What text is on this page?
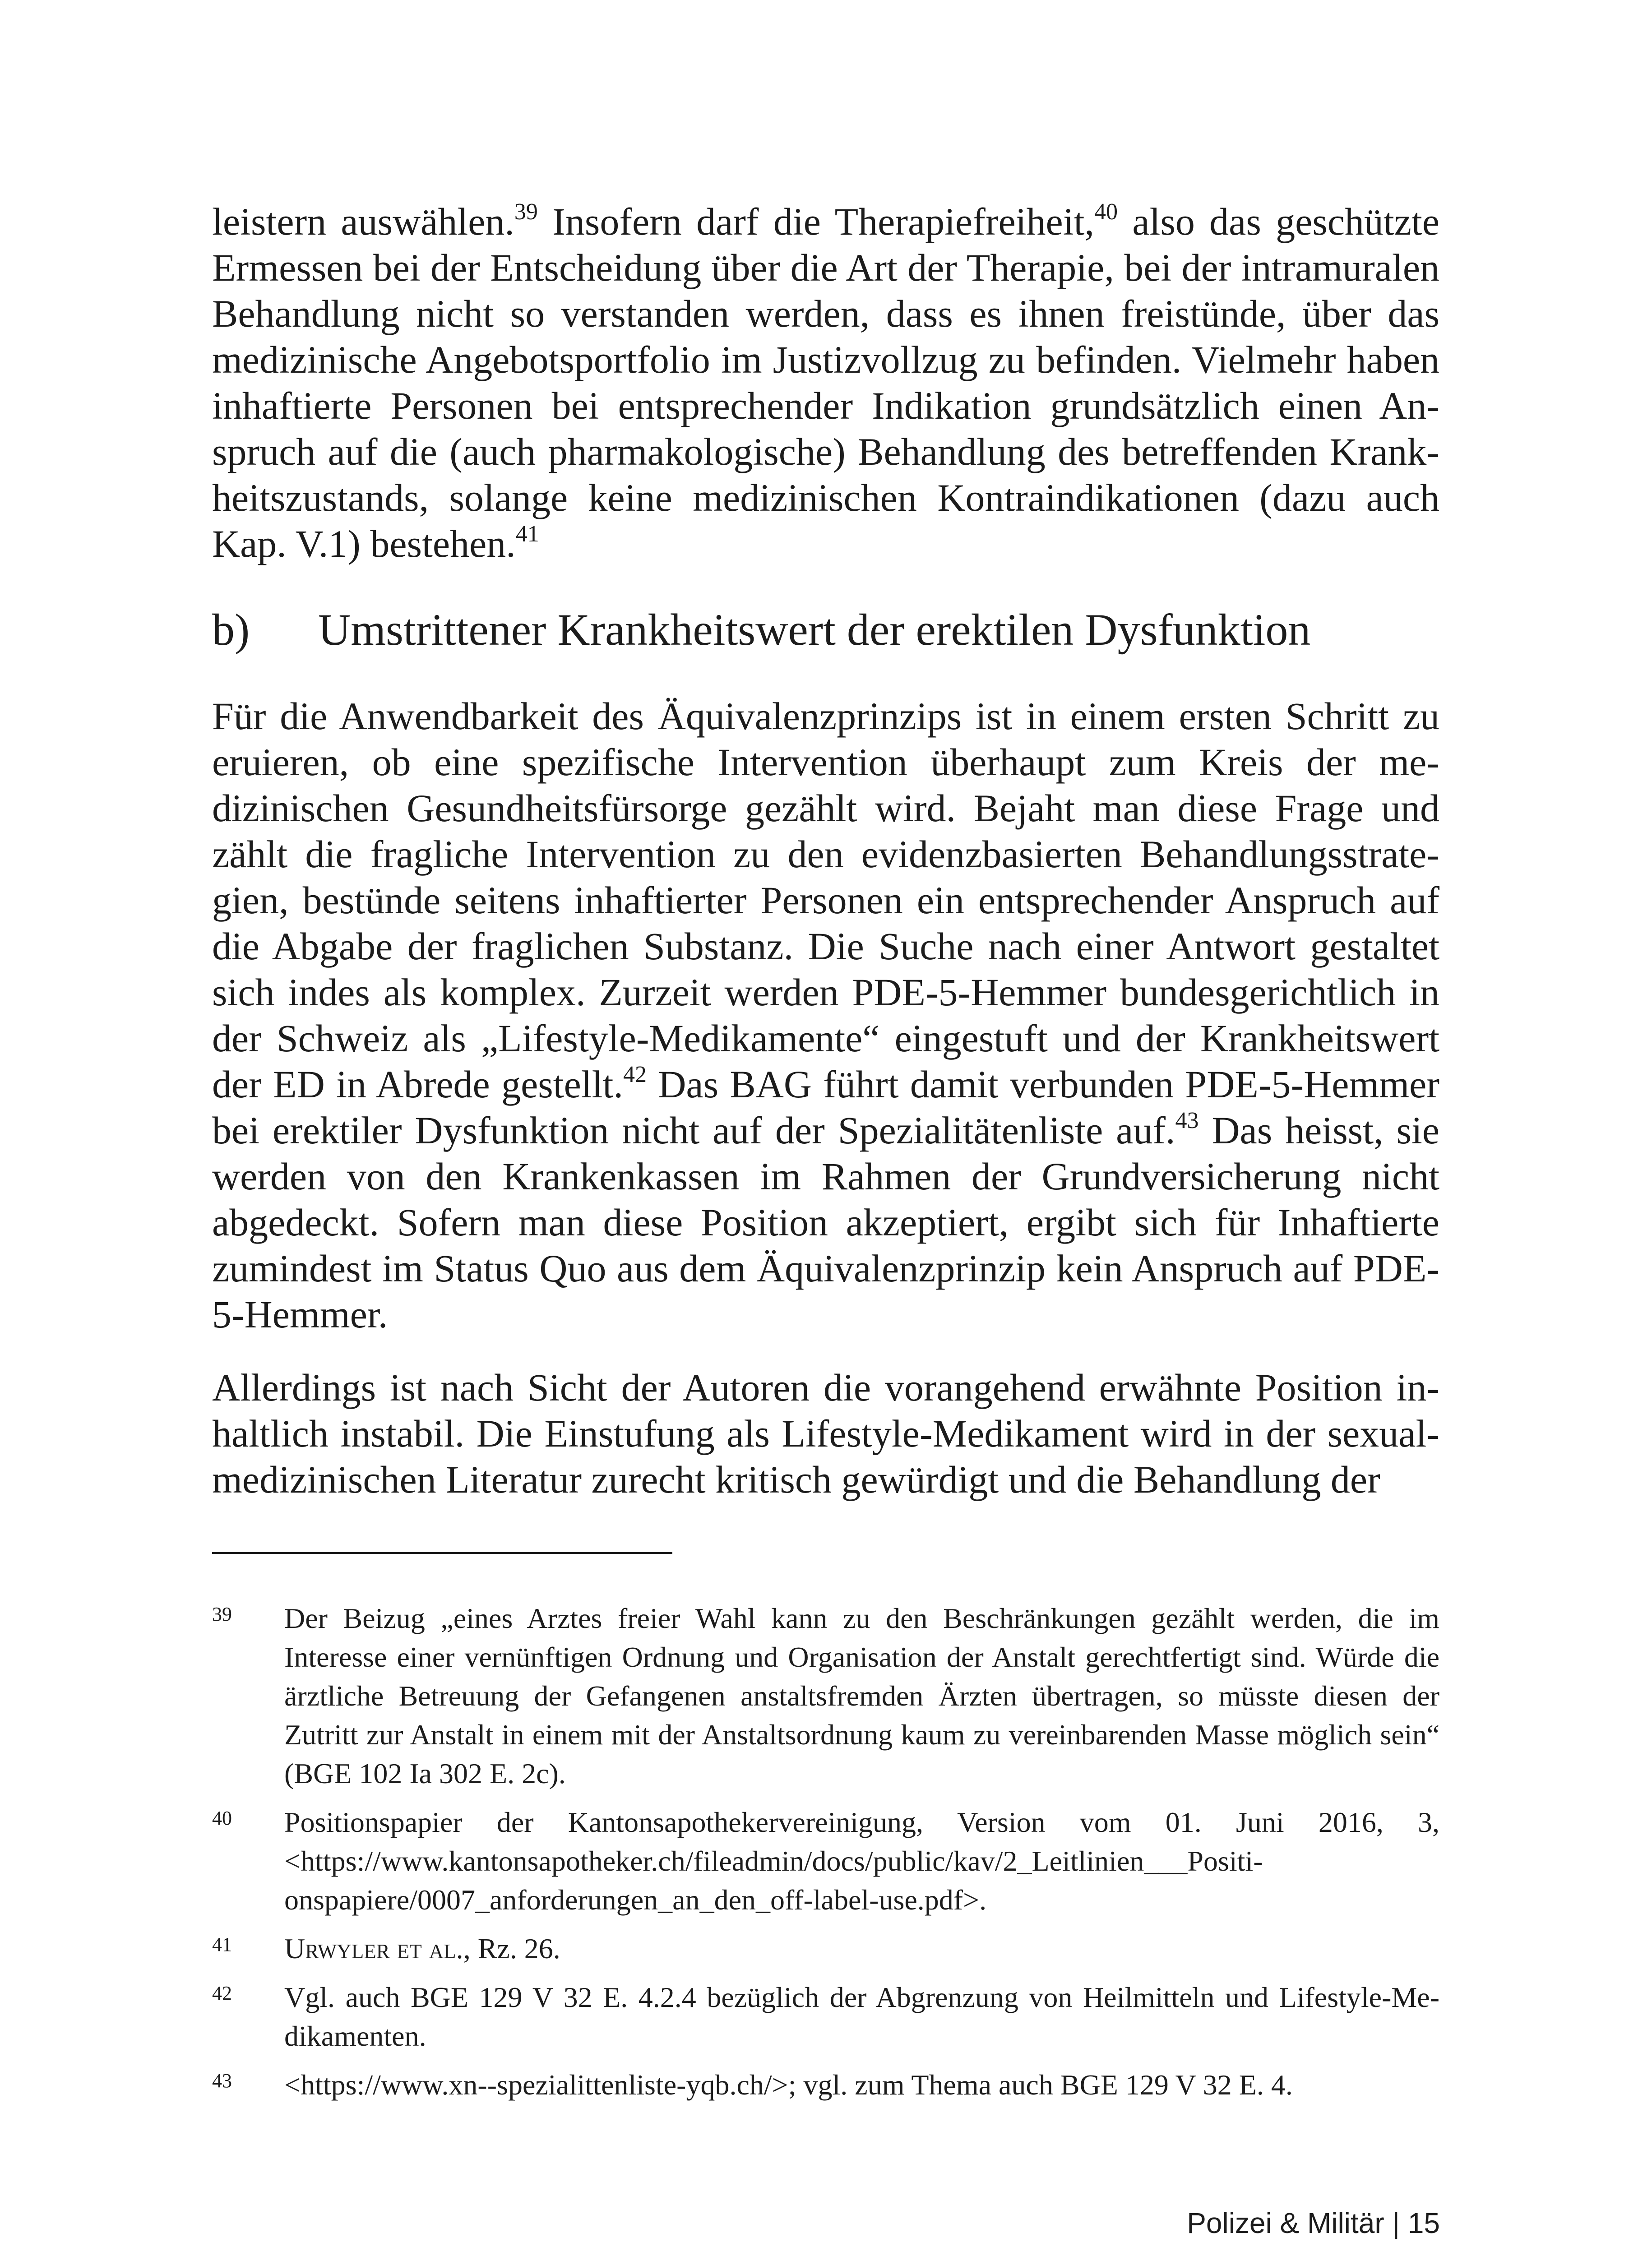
leistern auswählen.$^{39}$ Insofern darf die Therapiefreiheit,$^{40}$ also das geschützte Ermessen bei der Entscheidung über die Art der Therapie, bei der intramuralen Behandlung nicht so verstanden werden, dass es ihnen freistünde, über das medizinische Angebotsportfolio im Justizvollzug zu befinden. Vielmehr haben inhaftierte Personen bei entsprechender Indikation grundsätzlich einen Anspruch auf die (auch pharmakologische) Behandlung des betreffenden Krankheitszustands, solange keine medizinischen Kontraindikationen (dazu auch Kap. V.1) bestehen.$^{41}$

b)	Umstrittener Krankheitswert der erektilen Dysfunktion

Für die Anwendbarkeit des Äquivalenzprinzips ist in einem ersten Schritt zu eruieren, ob eine spezifische Intervention überhaupt zum Kreis der medizinischen Gesundheitsfürsorge gezählt wird. Bejaht man diese Frage und zählt die fragliche Intervention zu den evidenzbasierten Behandlungsstrategien, bestünde seitens inhaftierter Personen ein entsprechender Anspruch auf die Abgabe der fraglichen Substanz. Die Suche nach einer Antwort gestaltet sich indes als komplex. Zurzeit werden PDE-5-Hemmer bundesgerichtlich in der Schweiz als „Lifestyle-Medikamente“ eingestuft und der Krankheitswert der ED in Abrede gestellt.$^{42}$ Das BAG führt damit verbunden PDE-5-Hemmer bei erektiler Dysfunktion nicht auf der Spezialitätenliste auf.$^{43}$ Das heisst, sie werden von den Krankenkassen im Rahmen der Grundversicherung nicht abgedeckt. Sofern man diese Position akzeptiert, ergibt sich für Inhaftierte zumindest im Status Quo aus dem Äquivalenzprinzip kein Anspruch auf PDE-5-Hemmer.

Allerdings ist nach Sicht der Autoren die vorangehend erwähnte Position inhaltlich instabil. Die Einstufung als Lifestyle-Medikament wird in der sexualmedizinischen Literatur zurecht kritisch gewürdigt und die Behandlung der

39	Der Beizug „eines Arztes freier Wahl kann zu den Beschränkungen gezählt werden, die im Interesse einer vernünftigen Ordnung und Organisation der Anstalt gerechtfertigt sind. Würde die ärztliche Betreuung der Gefangenen anstaltsfremden Ärzten übertragen, so müsste diesen der Zutritt zur Anstalt in einem mit der Anstaltsordnung kaum zu vereinbarenden Masse möglich sein“ (BGE 102 Ia 302 E. 2c).
40	Positionspapier der Kantonsapothekervereinigung, Version vom 01. Juni 2016, 3, <https://www.kantonsapotheker.ch/fileadmin/docs/public/kav/2_Leitlinien___Positionspapiere/0007_anforderungen_an_den_off-label-use.pdf>.
41	Urwyler et al., Rz. 26.
42	Vgl. auch BGE 129 V 32 E. 4.2.4 bezüglich der Abgrenzung von Heilmitteln und Lifestyle-Medikamenten.
43	<https://www.xn--spezialittenliste-yqb.ch/>; vgl. zum Thema auch BGE 129 V 32 E. 4.
Polizei & Militär | 15
